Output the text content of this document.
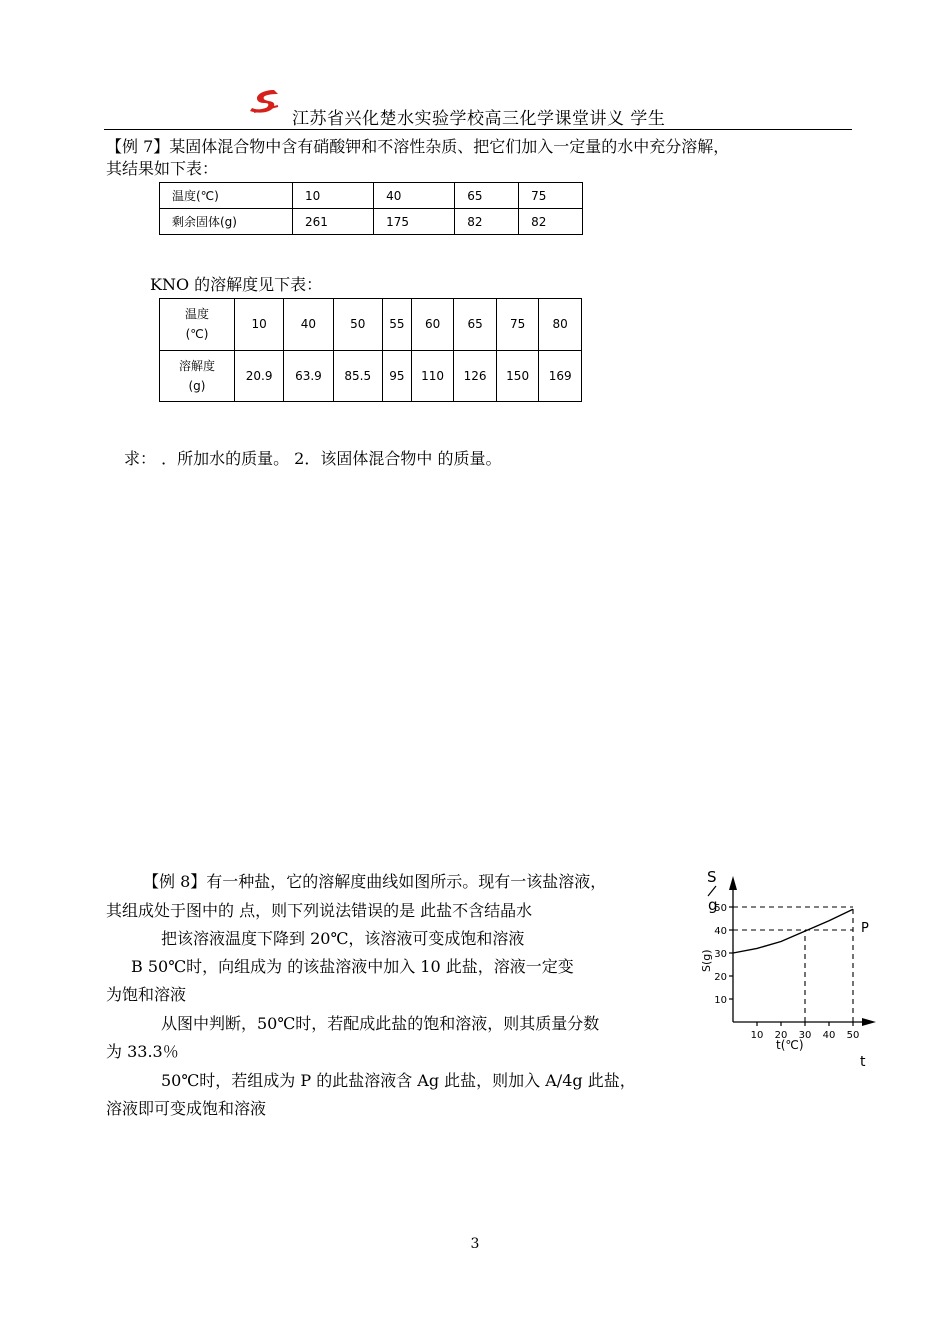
江苏省兴化楚水实验学校高三化学课堂讲义 学生
【例 7】某固体混合物中含有硝酸钾和不溶性杂质、把它们加入一定量的水中充分溶解，
其结果如下表：
温度(℃)	10	40	65	75
剩余固体(g)	261	175	82	82
KNO 的溶解度见下表：
温度
(℃)	10	40	50	55	60	65	75	80

溶解度
(g)	20.9	63.9	85.5	95	110	126	150	169
求： ．所加水的质量。 2．该固体混合物中 的质量。
【例 8】有一种盐，它的溶解度曲线如图所示。现有一该盐溶液，
其组成处于图中的 点，则下列说法错误的是 此盐不含结晶水
把该溶液温度下降到 20℃，该溶液可变成饱和溶液
B 50℃时，向组成为 的该盐溶液中加入 10 此盐，溶液一定变
为饱和溶液
从图中判断，50℃时，若配成此盐的饱和溶液，则其质量分数
为 33.3％
50℃时，若组成为 P 的此盐溶液含 Ag 此盐，则加入 A/4g 此盐，
溶液即可变成饱和溶液
S
g
S(g)
t(℃)
t
10
20
30
40
50
10 20 30 40 50
P
3
